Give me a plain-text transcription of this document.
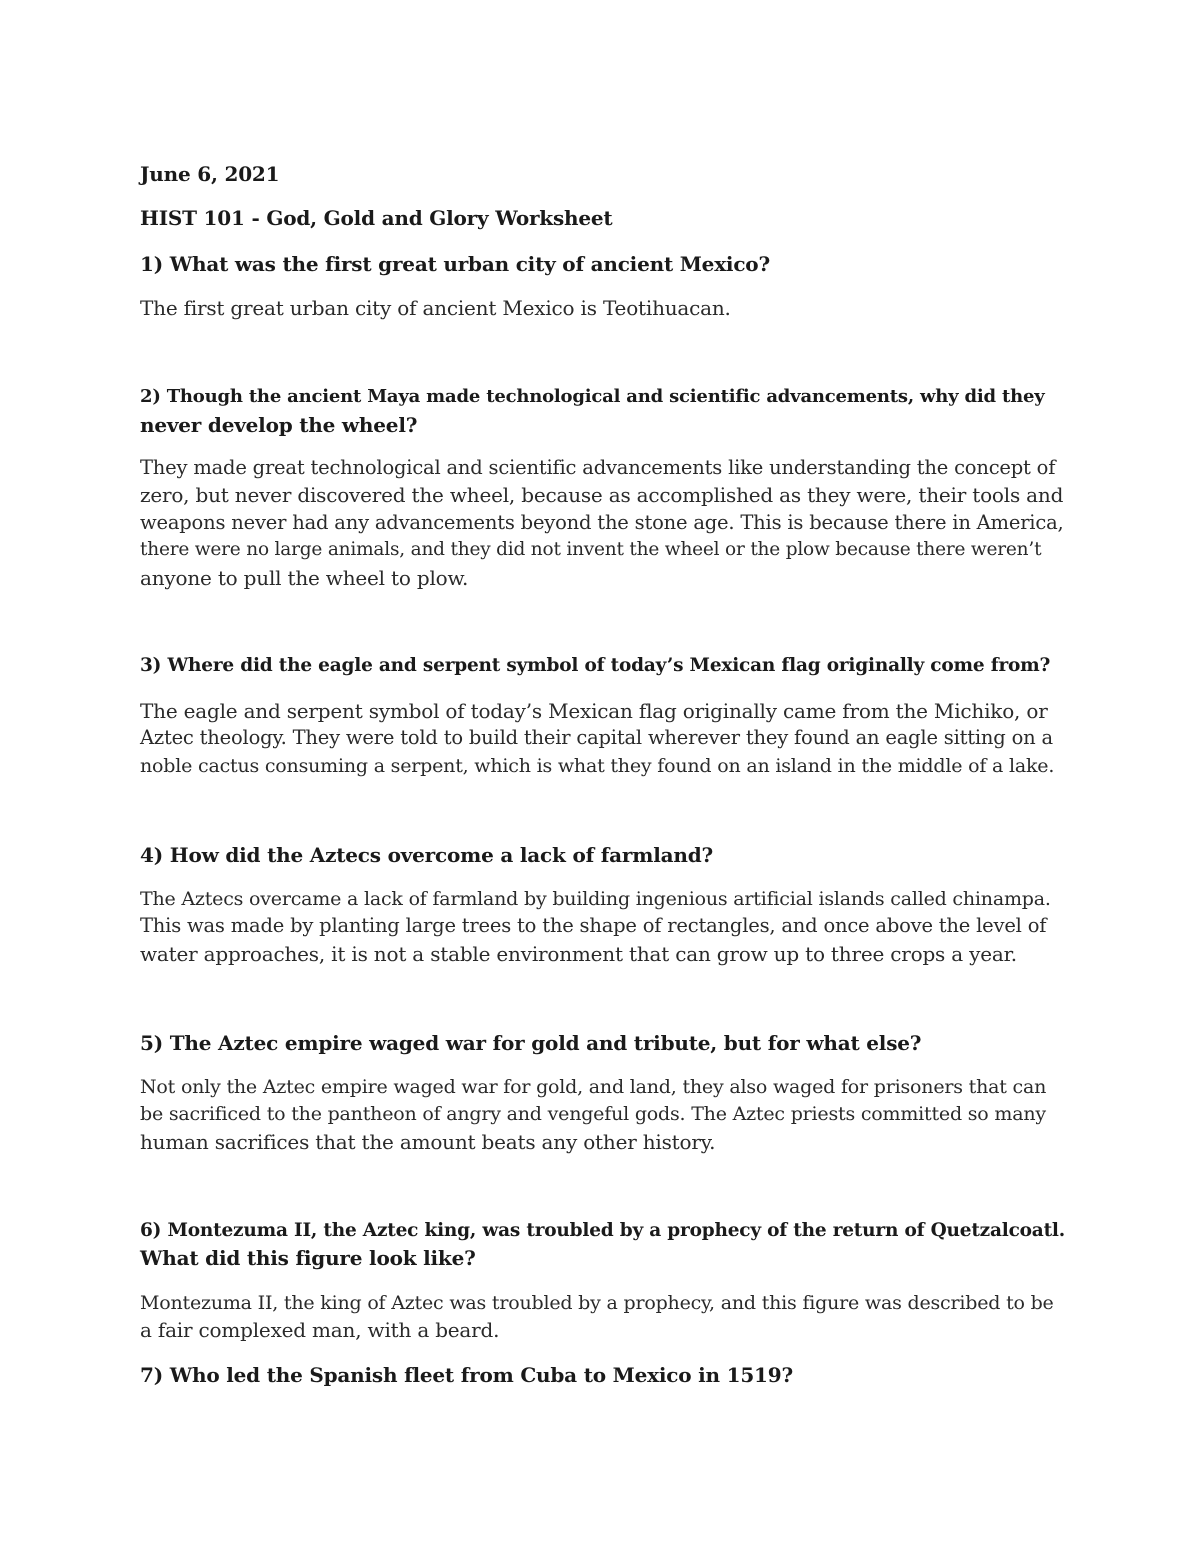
June 6, 2021
HIST 101 - God, Gold and Glory Worksheet
1) What was the first great urban city of ancient Mexico?
The first great urban city of ancient Mexico is Teotihuacan.
2) Though the ancient Maya made technological and scientific advancements, why did they
never develop the wheel?
They made great technological and scientific advancements like understanding the concept of
zero, but never discovered the wheel, because as accomplished as they were, their tools and
weapons never had any advancements beyond the stone age. This is because there in America,
there were no large animals, and they did not invent the wheel or the plow because there weren’t
anyone to pull the wheel to plow.
3) Where did the eagle and serpent symbol of today’s Mexican flag originally come from?
The eagle and serpent symbol of today’s Mexican flag originally came from the Michiko, or
Aztec theology. They were told to build their capital wherever they found an eagle sitting on a
noble cactus consuming a serpent, which is what they found on an island in the middle of a lake.
4) How did the Aztecs overcome a lack of farmland?
The Aztecs overcame a lack of farmland by building ingenious artificial islands called chinampa.
This was made by planting large trees to the shape of rectangles, and once above the level of
water approaches, it is not a stable environment that can grow up to three crops a year.
5) The Aztec empire waged war for gold and tribute, but for what else?
Not only the Aztec empire waged war for gold, and land, they also waged for prisoners that can
be sacrificed to the pantheon of angry and vengeful gods. The Aztec priests committed so many
human sacrifices that the amount beats any other history.
6) Montezuma II, the Aztec king, was troubled by a prophecy of the return of Quetzalcoatl.
What did this figure look like?
Montezuma II, the king of Aztec was troubled by a prophecy, and this figure was described to be
a fair complexed man, with a beard.
7) Who led the Spanish fleet from Cuba to Mexico in 1519?
